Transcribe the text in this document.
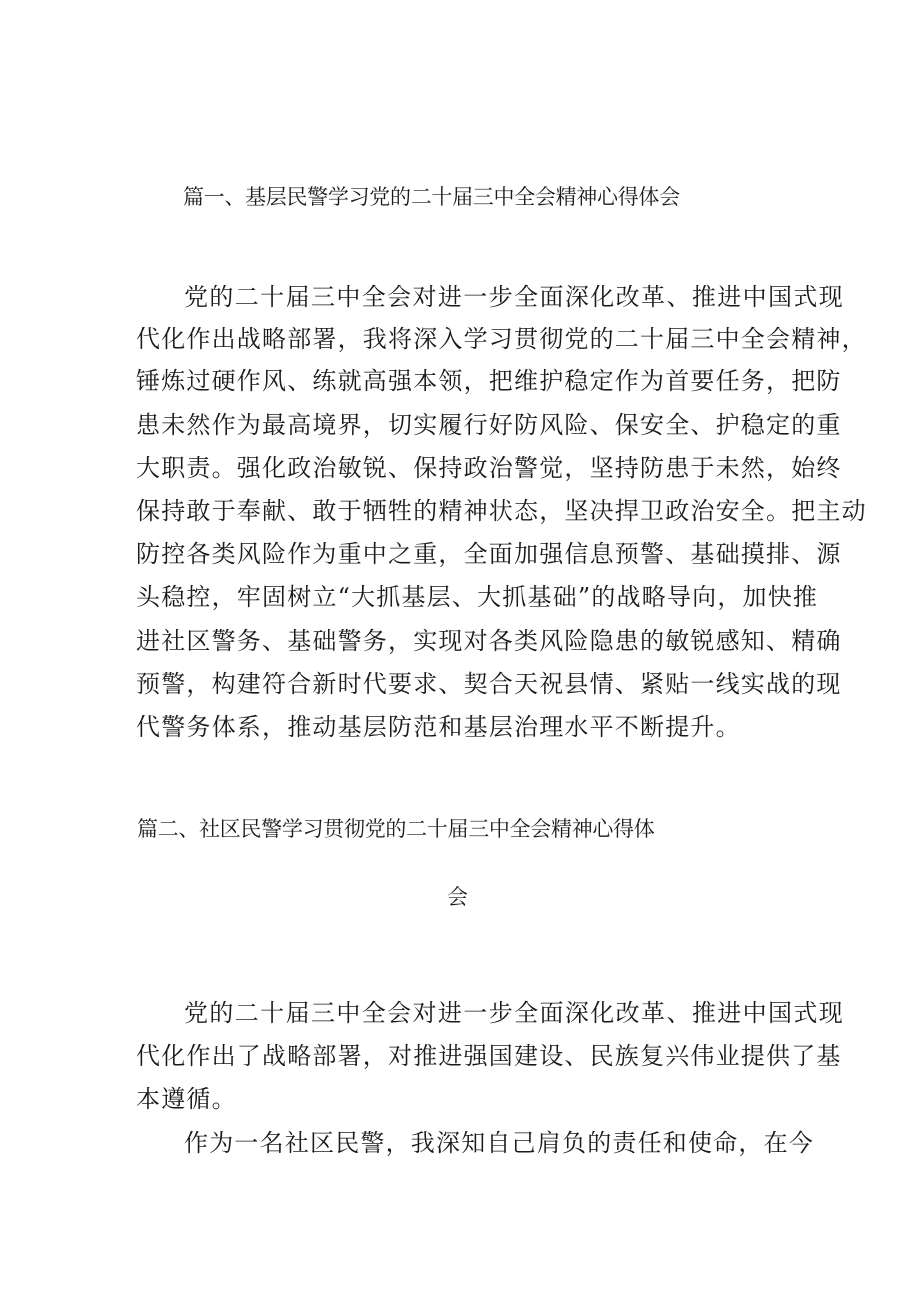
篇一、基层民警学习党的二十届三中全会精神心得体会

党的二十届三中全会对进一步全面深化改革、推进中国式现

代化作出战略部署，我将深入学习贯彻党的二十届三中全会精神，

锤炼过硬作风、练就高强本领，把维护稳定作为首要任务，把防

患未然作为最高境界，切实履行好防风险、保安全、护稳定的重

大职责。强化政治敏锐、保持政治警觉，坚持防患于未然，始终

保持敢于奉献、敢于牺牲的精神状态，坚决捍卫政治安全。把主动

防控各类风险作为重中之重，全面加强信息预警、基础摸排、源

头稳控，牢固树立“大抓基层、大抓基础”的战略导向，加快推

进社区警务、基础警务，实现对各类风险隐患的敏锐感知、精确

预警，构建符合新时代要求、契合天祝县情、紧贴一线实战的现

代警务体系，推动基层防范和基层治理水平不断提升。

篇二、社区民警学习贯彻党的二十届三中全会精神心得体
会

党的二十届三中全会对进一步全面深化改革、推进中国式现

代化作出了战略部署，对推进强国建设、民族复兴伟业提供了基

本遵循。

作为一名社区民警，我深知自己肩负的责任和使命，在今
